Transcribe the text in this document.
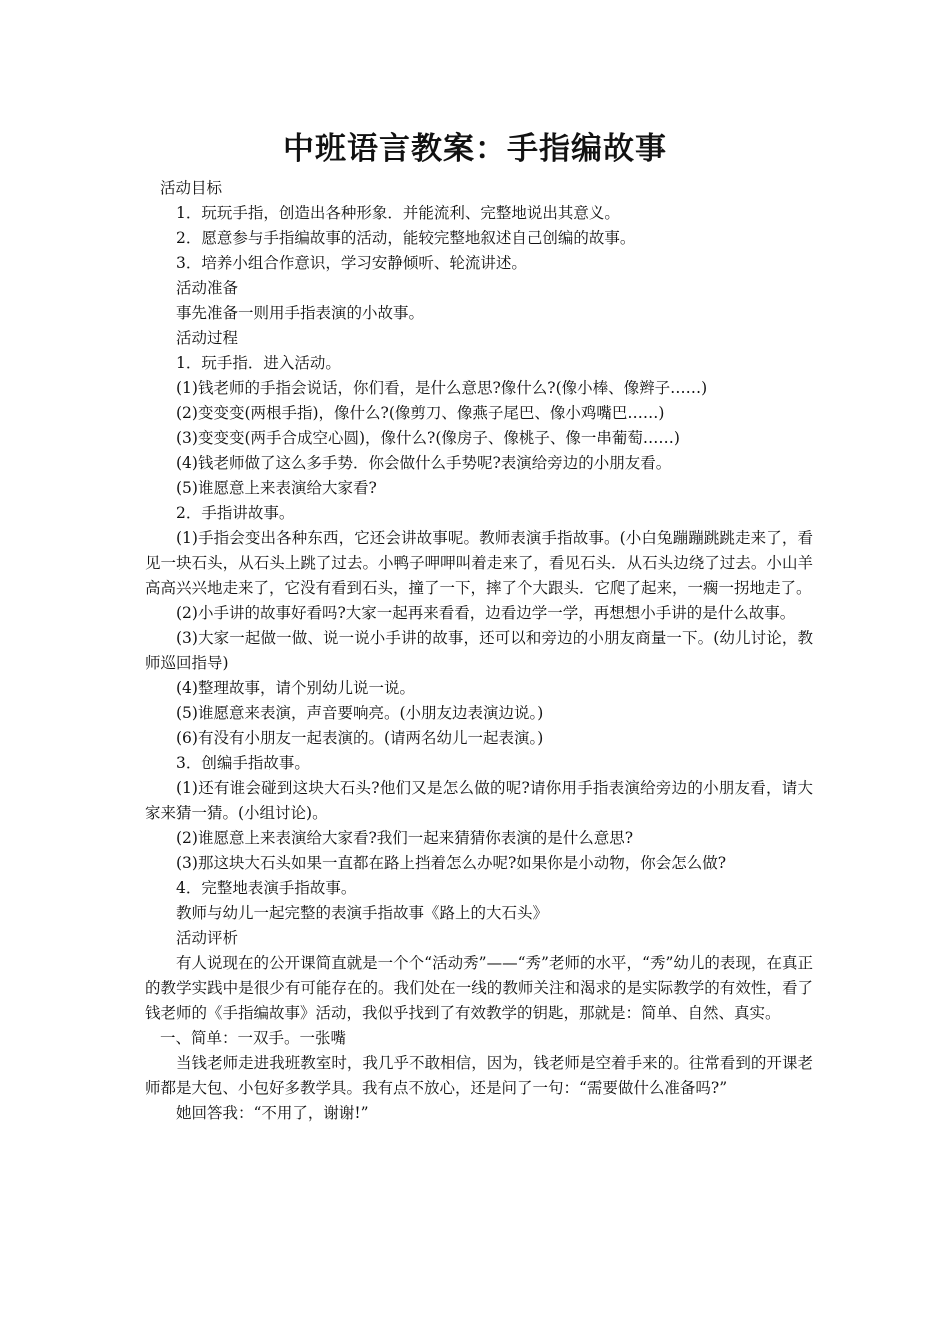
中班语言教案：手指编故事

活动目标

1．玩玩手指，创造出各种形象．并能流利、完整地说出其意义。

2．愿意参与手指编故事的活动，能较完整地叙述自己创编的故事。

3．培养小组合作意识，学习安静倾听、轮流讲述。

活动准备

事先准备一则用手指表演的小故事。

活动过程

1．玩手指．进入活动。

(1)钱老师的手指会说话，你们看，是什么意思?像什么?(像小棒、像辫子……)

(2)变变变(两根手指)，像什么?(像剪刀、像燕子尾巴、像小鸡嘴巴……)

(3)变变变(两手合成空心圆)，像什么?(像房子、像桃子、像一串葡萄……)

(4)钱老师做了这么多手势．你会做什么手势呢?表演给旁边的小朋友看。

(5)谁愿意上来表演给大家看?

2．手指讲故事。

(1)手指会变出各种东西，它还会讲故事呢。教师表演手指故事。(小白兔蹦蹦跳跳走来了，看见一块石头，从石头上跳了过去。小鸭子呷呷叫着走来了，看见石头．从石头边绕了过去。小山羊高高兴兴地走来了，它没有看到石头，撞了一下，摔了个大跟头．它爬了起来，一瘸一拐地走了。

(2)小手讲的故事好看吗?大家一起再来看看，边看边学一学，再想想小手讲的是什么故事。

(3)大家一起做一做、说一说小手讲的故事，还可以和旁边的小朋友商量一下。(幼儿讨论，教师巡回指导)

(4)整理故事，请个别幼儿说一说。

(5)谁愿意来表演，声音要响亮。(小朋友边表演边说。)

(6)有没有小朋友一起表演的。(请两名幼儿一起表演。)

3．创编手指故事。

(1)还有谁会碰到这块大石头?他们又是怎么做的呢?请你用手指表演给旁边的小朋友看，请大家来猜一猜。(小组讨论)。

(2)谁愿意上来表演给大家看?我们一起来猜猜你表演的是什么意思?

(3)那这块大石头如果一直都在路上挡着怎么办呢?如果你是小动物，你会怎么做?

4．完整地表演手指故事。

教师与幼儿一起完整的表演手指故事《路上的大石头》

活动评析

有人说现在的公开课简直就是一个个“活动秀”——“秀”老师的水平，“秀”幼儿的表现，在真正的教学实践中是很少有可能存在的。我们处在一线的教师关注和渴求的是实际教学的有效性，看了钱老师的《手指编故事》活动，我似乎找到了有效教学的钥匙，那就是：简单、自然、真实。

一、简单：一双手。一张嘴

当钱老师走进我班教室时，我几乎不敢相信，因为，钱老师是空着手来的。往常看到的开课老师都是大包、小包好多教学具。我有点不放心，还是问了一句：“需要做什么准备吗?”

她回答我：“不用了，谢谢!”
